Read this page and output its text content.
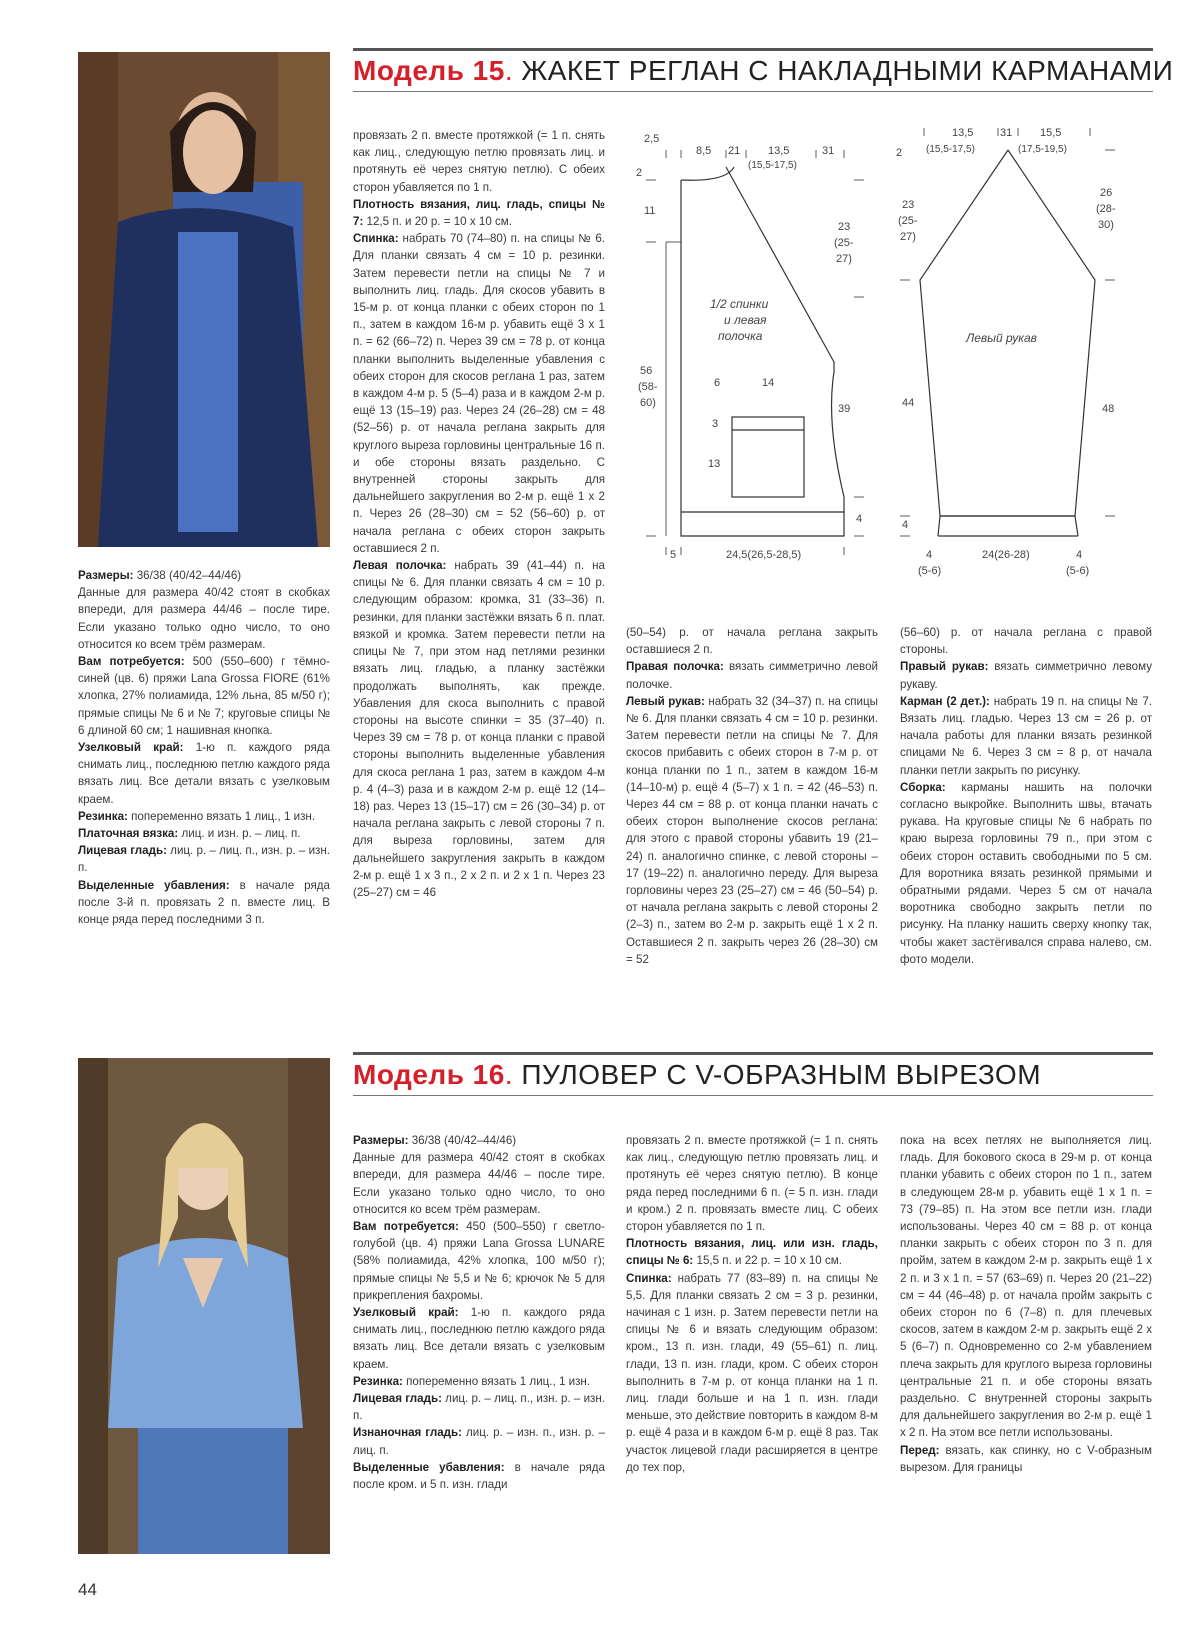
Модель 15. ЖАКЕТ РЕГЛАН С НАКЛАДНЫМИ КАРМАНАМИ

Размеры: 36/38 (40/42–44/46)

Данные для размера 40/42 стоят в скобках впереди, для размера 44/46 – после тире. Если указано только одно число, то оно относится ко всем трём размерам.

Вам потребуется: 500 (550–600) г тёмно-синей (цв. 6) пряжи Lana Grossa FIORE (61% хлопка, 27% полиамида, 12% льна, 85 м/50 г); прямые спицы № 6 и № 7; круговые спицы № 6 длиной 60 см; 1 нашивная кнопка.

Узелковый край: 1-ю п. каждого ряда снимать лиц., последнюю петлю каждого ряда вязать лиц. Все детали вязать с узелковым краем.

Резинка: попеременно вязать 1 лиц., 1 изн.

Платочная вязка: лиц. и изн. р. – лиц. п.

Лицевая гладь: лиц. р. – лиц. п., изн. р. – изн. п.

Выделенные убавления: в начале ряда после 3-й п. провязать 2 п. вместе лиц. В конце ряда перед последними 3 п.

провязать 2 п. вместе протяжкой (= 1 п. снять как лиц., следующую петлю провязать лиц. и протянуть её через снятую петлю). С обеих сторон убавляется по 1 п.

Плотность вязания, лиц. гладь, спицы № 7: 12,5 п. и 20 р. = 10 х 10 см.

Спинка: набрать 70 (74–80) п. на спицы № 6. Для планки связать 4 см = 10 р. резинки. Затем перевести петли на спицы № 7 и выполнить лиц. гладь. Для скосов убавить в 15-м р. от конца планки с обеих сторон по 1 п., затем в каждом 16-м р. убавить ещё 3 х 1 п. = 62 (66–72) п. Через 39 см = 78 р. от конца планки выполнить выделенные убавления с обеих сторон для скосов реглана 1 раз, затем в каждом 4-м р. 5 (5–4) раза и в каждом 2-м р. ещё 13 (15–19) раз. Через 24 (26–28) см = 48 (52–56) р. от начала реглана закрыть для круглого выреза горловины центральные 16 п. и обе стороны вязать раздельно. С внутренней стороны закрыть для дальнейшего закругления во 2-м р. ещё 1 х 2 п. Через 26 (28–30) см = 52 (56–60) р. от начала реглана с обеих сторон закрыть оставшиеся 2 п.

Левая полочка: набрать 39 (41–44) п. на спицы № 6. Для планки связать 4 см = 10 р. следующим образом: кромка, 31 (33–36) п. резинки, для планки застёжки вязать 6 п. плат. вязкой и кромка. Затем перевести петли на спицы № 7, при этом над петлями резинки вязать лиц. гладью, а планку застёжки продолжать выполнять, как прежде. Убавления для скоса выполнить с правой стороны на высоте спинки = 35 (37–40) п. Через 39 см = 78 р. от конца планки с правой стороны выполнить выделенные убавления для скоса реглана 1 раз, затем в каждом 4-м р. 4 (4–3) раза и в каждом 2-м р. ещё 12 (14–18) раз. Через 13 (15–17) см = 26 (30–34) р. от начала реглана закрыть с левой стороны 7 п. для выреза горловины, затем для дальнейшего закругления закрыть в каждом 2-м р. ещё 1 х 3 п., 2 х 2 п. и 2 х 1 п. Через 23 (25–27) см = 46

(50–54) р. от начала реглана закрыть оставшиеся 2 п.

Правая полочка: вязать симметрично левой полочке.

Левый рукав: набрать 32 (34–37) п. на спицы № 6. Для планки связать 4 см = 10 р. резинки. Затем перевести петли на спицы № 7. Для скосов прибавить с обеих сторон в 7-м р. от конца планки по 1 п., затем в каждом 16-м (14–10-м) р. ещё 4 (5–7) х 1 п. = 42 (46–53) п. Через 44 см = 88 р. от конца планки начать с обеих сторон выполнение скосов реглана: для этого с правой стороны убавить 19 (21–24) п. аналогично спинке, с левой стороны – 17 (19–22) п. аналогично переду. Для выреза горловины через 23 (25–27) см = 46 (50–54) р. от начала реглана закрыть с левой стороны 2 (2–3) п., затем во 2-м р. закрыть ещё 1 х 2 п. Оставшиеся 2 п. закрыть через 26 (28–30) см = 52

(56–60) р. от начала реглана с правой стороны.

Правый рукав: вязать симметрично левому рукаву.

Карман (2 дет.): набрать 19 п. на спицы № 7. Вязать лиц. гладью. Через 13 см = 26 р. от начала работы для планки вязать резинкой спицами № 6. Через 3 см = 8 р. от начала планки петли закрыть по рисунку.

Сборка: карманы нашить на полочки согласно выкройке. Выполнить швы, втачать рукава. На круговые спицы № 6 набрать по краю выреза горловины 79 п., при этом с обеих сторон оставить свободными по 5 см. Для воротника вязать резинкой прямыми и обратными рядами. Через 5 см от начала воротника свободно закрыть петли по рисунку. На планку нашить сверху кнопку так, чтобы жакет застёгивался справа налево, см. фото модели.

2,5
8,5 21	13,5
(15,5-17,5)
31
2
11
56
(58-
60)
23
(25-
27)
39
4
1/2 спинки
и левая
полочка
6	14
3
13
5	24,5(26,5-28,5)
13,5
(15,5-17,5)
31	15,5
(17,5-19,5)
2
23
(25-
27)
44
4
26
(28-
30)
48
Левый рукав
4
(5-6)
24(26-28)	4
(5-6)
Модель 16. ПУЛОВЕР С V-ОБРАЗНЫМ ВЫРЕЗОМ

Размеры: 36/38 (40/42–44/46)

Данные для размера 40/42 стоят в скобках впереди, для размера 44/46 – после тире. Если указано только одно число, то оно относится ко всем трём размерам.

Вам потребуется: 450 (500–550) г светло-голубой (цв. 4) пряжи Lana Grossa LUNARE (58% полиамида, 42% хлопка, 100 м/50 г); прямые спицы № 5,5 и № 6; крючок № 5 для прикрепления бахромы.

Узелковый край: 1-ю п. каждого ряда снимать лиц., последнюю петлю каждого ряда вязать лиц. Все детали вязать с узелковым краем.

Резинка: попеременно вязать 1 лиц., 1 изн.

Лицевая гладь: лиц. р. – лиц. п., изн. р. – изн. п.

Изнаночная гладь: лиц. р. – изн. п., изн. р. – лиц. п.

Выделенные убавления: в начале ряда после кром. и 5 п. изн. глади

провязать 2 п. вместе протяжкой (= 1 п. снять как лиц., следующую петлю провязать лиц. и протянуть её через снятую петлю). В конце ряда перед последними 6 п. (= 5 п. изн. глади и кром.) 2 п. провязать вместе лиц. С обеих сторон убавляется по 1 п.

Плотность вязания, лиц. или изн. гладь, спицы № 6: 15,5 п. и 22 р. = 10 х 10 см.

Спинка: набрать 77 (83–89) п. на спицы № 5,5. Для планки связать 2 см = 3 р. резинки, начиная с 1 изн. р. Затем перевести петли на спицы № 6 и вязать следующим образом: кром., 13 п. изн. глади, 49 (55–61) п. лиц. глади, 13 п. изн. глади, кром. С обеих сторон выполнить в 7-м р. от конца планки на 1 п. лиц. глади больше и на 1 п. изн. глади меньше, это действие повторить в каждом 8-м р. ещё 4 раза и в каждом 6-м р. ещё 8 раз. Так участок лицевой глади расширяется в центре до тех пор,

пока на всех петлях не выполняется лиц. гладь. Для бокового скоса в 29-м р. от конца планки убавить с обеих сторон по 1 п., затем в следующем 28-м р. убавить ещё 1 х 1 п. = 73 (79–85) п. На этом все петли изн. глади использованы. Через 40 см = 88 р. от конца планки закрыть с обеих сторон по 3 п. для пройм, затем в каждом 2-м р. закрыть ещё 1 х 2 п. и 3 х 1 п. = 57 (63–69) п. Через 20 (21–22) см = 44 (46–48) р. от начала пройм закрыть с обеих сторон по 6 (7–8) п. для плечевых скосов, затем в каждом 2-м р. закрыть ещё 2 х 5 (6–7) п. Одновременно со 2-м убавлением плеча закрыть для круглого выреза горловины центральные 21 п. и обе стороны вязать раздельно. С внутренней стороны закрыть для дальнейшего закругления во 2-м р. ещё 1 х 2 п. На этом все петли использованы.

Перед: вязать, как спинку, но с V-образным вырезом. Для границы

44
